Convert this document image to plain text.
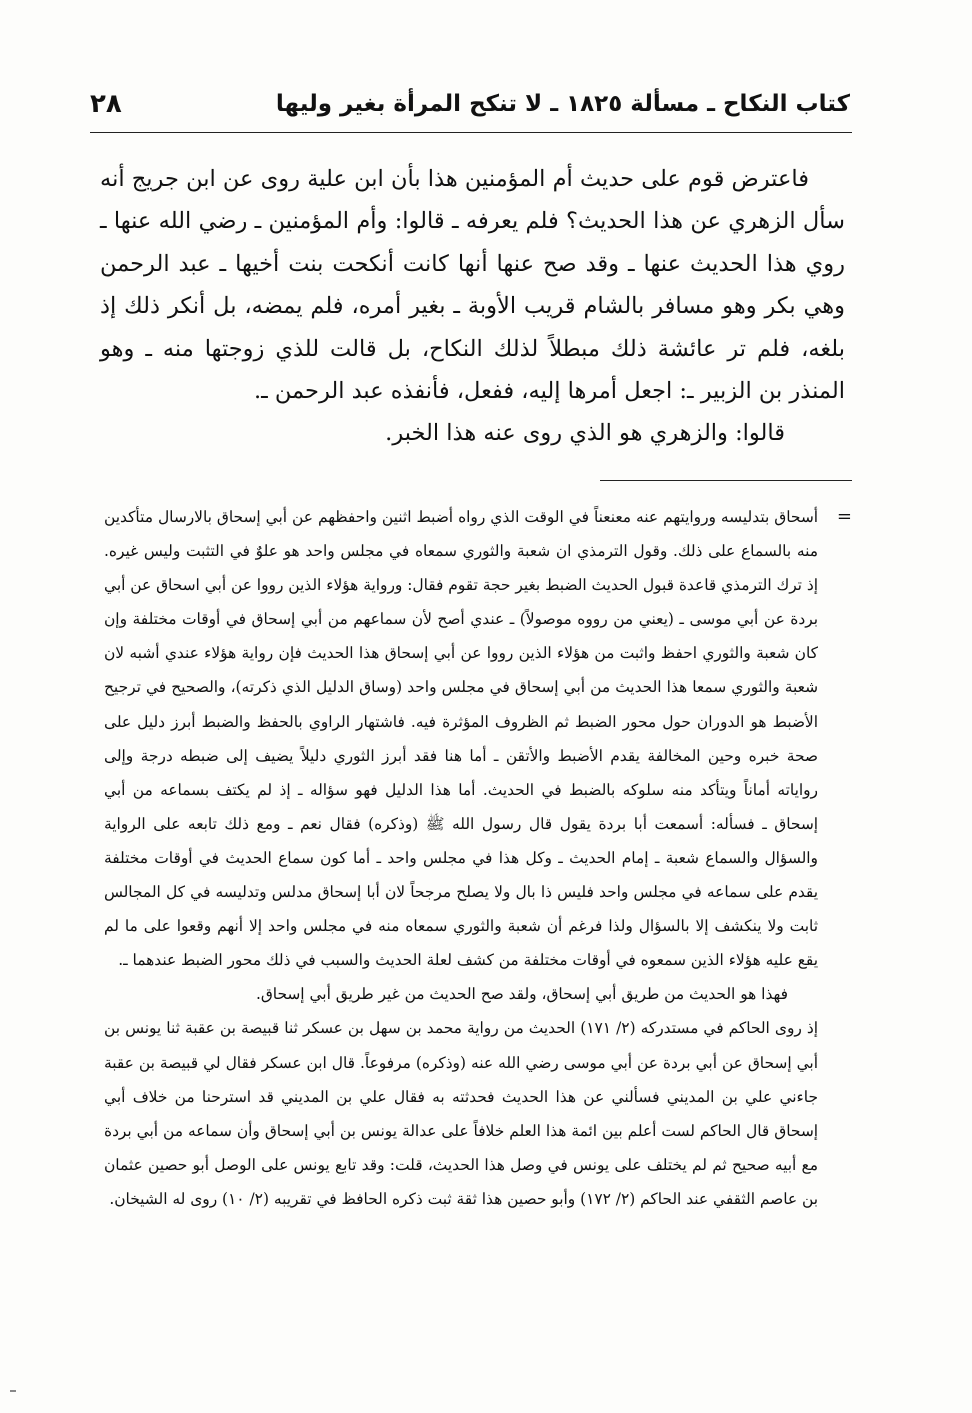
كتاب النكاح ـ مسألة ١٨٢٥ ـ لا تنكح المرأة بغير وليها
٢٨

فاعترض قوم على حديث أم المؤمنين هذا بأن ابن علية روى عن ابن جريج أنه سأل الزهري عن هذا الحديث؟ فلم يعرفه ـ قالوا: وأم المؤمنين ـ رضي الله عنها ـ روي هذا الحديث عنها ـ وقد صح عنها أنها كانت أنكحت بنت أخيها ـ عبد الرحمن وهي بكر وهو مسافر بالشام قريب الأوبة ـ بغير أمره، فلم يمضه، بل أنكر ذلك إذ بلغه، فلم تر عائشة ذلك مبطلاً لذلك النكاح، بل قالت للذي زوجتها منه ـ وهو المنذر بن الزبير ـ: اجعل أمرها إليه، ففعل، فأنفذه عبد الرحمن ـ.

قالوا: والزهري هو الذي روى عنه هذا الخبر.

=
أسحاق بتدليسه وروايتهم عنه معنعناً في الوقت الذي رواه أضبط اثنين واحفظهم عن أبي إسحاق بالارسال متأكدين منه بالسماع على ذلك. وقول الترمذي ان شعبة والثوري سمعاه في مجلس واحد هو علوٌ في التثبت وليس غيره. إذ ترك الترمذي قاعدة قبول الحديث الضبط بغير حجة تقوم فقال: ورواية هؤلاء الذين رووا عن أبي اسحاق عن أبي بردة عن أبي موسى ـ (يعني من رووه موصولاً) ـ عندي أصح لأن سماعهم من أبي إسحاق في أوقات مختلفة وإن كان شعبة والثوري احفظ واثبت من هؤلاء الذين رووا عن أبي إسحاق هذا الحديث فإن رواية هؤلاء عندي أشبه لان شعبة والثوري سمعا هذا الحديث من أبي إسحاق في مجلس واحد (وساق الدليل الذي ذكرته)، والصحيح في ترجيح الأضبط هو الدوران حول محور الضبط ثم الظروف المؤثرة فيه. فاشتهار الراوي بالحفظ والضبط أبرز دليل على صحة خبره وحين المخالفة يقدم الأضبط والأتقن ـ أما هنا فقد أبرز الثوري دليلاً يضيف إلى ضبطه درجة وإلى رواياته أماناً ويتأكد منه سلوكه بالضبط في الحديث. أما هذا الدليل فهو سؤاله ـ إذ لم يكتف بسماعه من أبي إسحاق ـ فسأله: أسمعت أبا بردة يقول قال رسول الله ﷺ (وذكره) فقال نعم ـ ومع ذلك تابعه على الرواية والسؤال والسماع شعبة ـ إمام الحديث ـ وكل هذا في مجلس واحد ـ أما كون سماع الحديث في أوقات مختلفة يقدم على سماعه في مجلس واحد فليس ذا بال ولا يصلح مرجحاً لان أبا إسحاق مدلس وتدليسه في كل المجالس ثابت ولا ينكشف إلا بالسؤال ولذا فرغم أن شعبة والثوري سمعاه منه في مجلس واحد إلا أنهم وقعوا على ما لم يقع عليه هؤلاء الذين سمعوه في أوقات مختلفة من كشف لعلة الحديث والسبب في ذلك محور الضبط عندهما ـ.

فهذا هو الحديث من طريق أبي إسحاق، ولقد صح الحديث من غير طريق أبي إسحاق.

إذ روى الحاكم في مستدركه (٢/ ١٧١) الحديث من رواية محمد بن سهل بن عسكر ثنا قبيصة بن عقبة ثنا يونس بن أبي إسحاق عن أبي بردة عن أبي موسى رضي الله عنه (وذكره) مرفوعاً. قال ابن عسكر فقال لي قبيصة بن عقبة جاءني علي بن المديني فسألني عن هذا الحديث فحدثته به فقال علي بن المديني قد استرحنا من خلاف أبي إسحاق قال الحاكم لست أعلم بين ائمة هذا العلم خلافاً على عدالة يونس بن أبي إسحاق وأن سماعه من أبي بردة مع أبيه صحيح ثم لم يختلف على يونس في وصل هذا الحديث، قلت: وقد تابع يونس على الوصل أبو حصين عثمان بن عاصم الثقفي عند الحاكم (٢/ ١٧٢) وأبو حصين هذا ثقة ثبت ذكره الحافظ في تقريبه (٢/ ١٠) روى له الشيخان.
